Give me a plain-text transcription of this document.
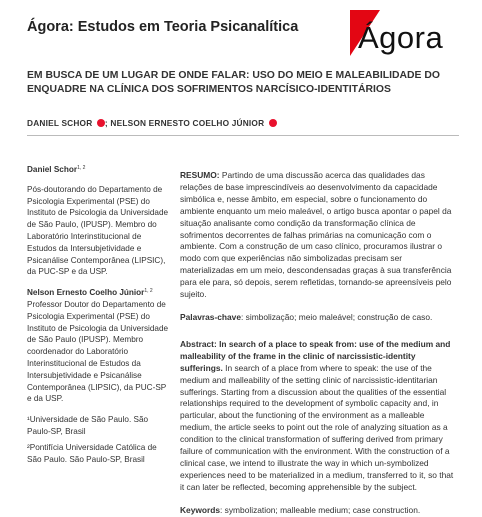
Ágora: Estudos em Teoria Psicanalítica Ágora
EM BUSCA DE UM LUGAR DE ONDE FALAR: USO DO MEIO E MALEABILIDADE DO ENQUADRE NA CLÍNICA DOS SOFRIMENTOS NARCÍSICO-IDENTITÁRIOS
DANIEL SCHOR ; NELSON ERNESTO COELHO JÚNIOR

Daniel Schor$^{1, 2}$

Pós-doutorando do Departamento de Psicologia Experimental (PSE) do Instituto de Psicologia da Universidade de São Paulo, (IPUSP). Membro do Laboratório Interinstitucional de Estudos da Intersubjetividade e Psicanálise Contemporânea (LIPSIC), da PUC-SP e da USP.

Nelson Ernesto Coelho Júnior$^{1, 2}$

Professor Doutor do Departamento de Psicologia Experimental (PSE) do Instituto de Psicologia da Universidade de São Paulo (IPUSP). Membro coordenador do Laboratório Interinstitucional de Estudos da Intersubjetividade e Psicanálise Contemporânea (LIPSIC), da PUC-SP e da USP.

¹Universidade de São Paulo. São Paulo-SP, Brasil

²Pontifícia Universidade Católica de São Paulo. São Paulo-SP, Brasil

RESUMO: Partindo de uma discussão acerca das qualidades das relações de base imprescindíveis ao desenvolvimento da capacidade simbólica e, nesse âmbito, em especial, sobre o funcionamento do ambiente enquanto um meio maleável, o artigo busca apontar o papel da situação analisante como condição da transformação clínica de sofrimentos decorrentes de falhas primárias na comunicação com o ambiente. Com a construção de um caso clínico, procuramos ilustrar o modo com que experiências não simbolizadas precisam ser materializadas em um meio, descondensadas graças à sua transferência para ele para, só depois, serem refletidas, tornando-se apreensíveis pelo sujeito.

Palavras-chave: simbolização; meio maleável; construção de caso.

Abstract: In search of a place to speak from: use of the medium and malleability of the frame in the clinic of narcissistic-identity sufferings. In search of a place from where to speak: the use of the medium and malleability of the setting clinic of narcissistic-identitarian sufferings. Starting from a discussion about the qualities of the essential relationships required to the development of symbolic capacity and, in particular, about the functioning of the environment as a malleable medium, the article seeks to point out the role of analyzing situation as a condition to the clinical transformation of suffering derived from primary failure of communication with the environment. With the construction of a clinical case, we intend to illustrate the way in which un-symbolized experiences need to be materialized in a medium, transferred to it, so that it can later be reflected, becoming apprehensible by the subject.

Keywords: symbolization; malleable medium; case construction.
